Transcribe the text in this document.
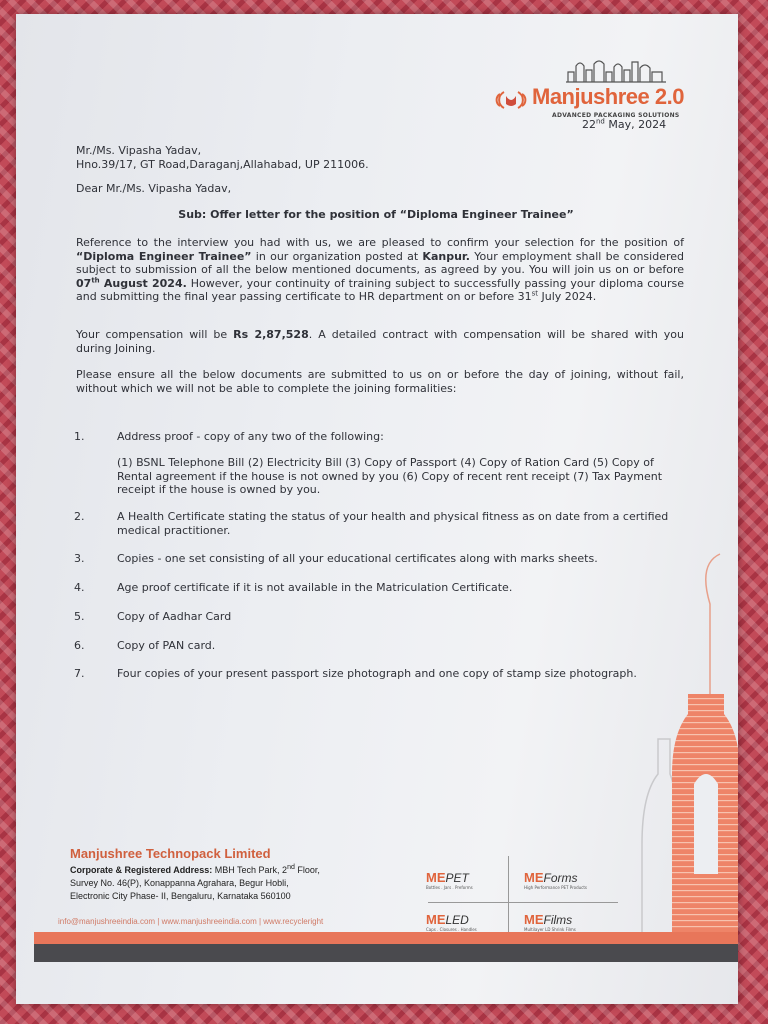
Manjushree 2.0
ADVANCED PACKAGING SOLUTIONS
22nd May, 2024
Mr./Ms. Vipasha Yadav,
Hno.39/17, GT Road,Daraganj,Allahabad, UP 211006.
Dear Mr./Ms. Vipasha Yadav,
Sub: Offer letter for the position of “Diploma Engineer Trainee”
Reference to the interview you had with us, we are pleased to confirm your selection for the position of “Diploma Engineer Trainee” in our organization posted at Kanpur. Your employment shall be considered subject to submission of all the below mentioned documents, as agreed by you. You will join us on or before 07th August 2024. However, your continuity of training subject to successfully passing your diploma course and submitting the final year passing certificate to HR department on or before 31st July 2024.
Your compensation will be Rs 2,87,528. A detailed contract with compensation will be shared with you during Joining.
Please ensure all the below documents are submitted to us on or before the day of joining, without fail, without which we will not be able to complete the joining formalities:
1.	Address proof - copy of any two of the following:
(1) BSNL Telephone Bill (2) Electricity Bill (3) Copy of Passport (4) Copy of Ration Card (5) Copy of Rental agreement if the house is not owned by you (6) Copy of recent rent receipt (7) Tax Payment receipt if the house is owned by you.
2.	A Health Certificate stating the status of your health and physical fitness as on date from a certified medical practitioner.
3.	Copies - one set consisting of all your educational certificates along with marks sheets.
4.	Age proof certificate if it is not available in the Matriculation Certificate.
5.	Copy of Aadhar Card
6.	Copy of PAN card.
7.	Four copies of your present passport size photograph and one copy of stamp size photograph.
Manjushree Technopack Limited
Corporate & Registered Address: MBH Tech Park, 2nd Floor,
Survey No. 46(P), Konappanna Agrahara, Begur Hobli,
Electronic City Phase- II, Bengaluru, Karnataka 560100
MEPET
Bottles . Jars . Preforms
MEForms
High Performance PET Products
MELED
Caps . Closures . Handles
MEFilms
Multilayer LD Shrink Films
info@manjushreeindia.com | www.manjushreeindia.com | www.recycleright
